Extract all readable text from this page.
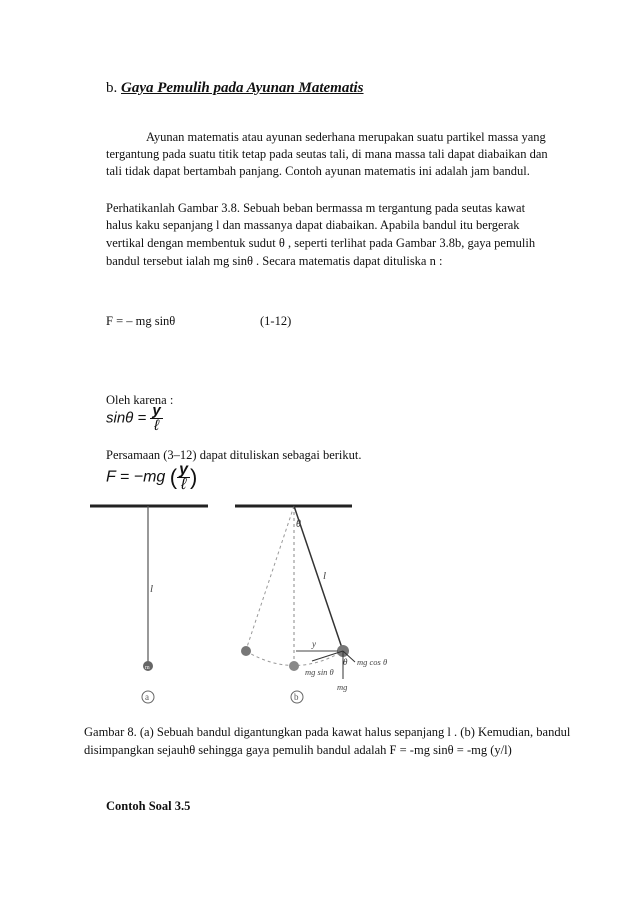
b. Gaya Pemulih pada Ayunan Matematis
Ayunan matematis atau ayunan sederhana merupakan suatu partikel massa yang
tergantung pada suatu titik tetap pada seutas tali, di mana massa tali dapat diabaikan dan
tali tidak dapat bertambah panjang. Contoh ayunan matematis ini adalah jam bandul.
Perhatikanlah Gambar 3.8. Sebuah beban bermassa m tergantung pada seutas kawat
halus kaku sepanjang l dan massanya dapat diabaikan. Apabila bandul itu bergerak
vertikal dengan membentuk sudut θ , seperti terlihat pada Gambar 3.8b, gaya pemulih
bandul tersebut ialah mg sinθ . Secara matematis dapat dituliska n :
F = – mg sinθ	(1-12)
Oleh karena :
$\sin\theta = \frac{y}{\text{ℓ}}$
Persamaan (3–12) dapat dituliskan sebagai berikut.
F = −mg ( $\frac{y}{\text{ℓ}}$ )
l
m
a
θ
l
y
θ mg cos θ
mg sin θ
mg
b
Gambar 8. (a) Sebuah bandul digantungkan pada kawat halus sepanjang l . (b) Kemudian, bandul
disimpangkan sejauhθ sehingga gaya pemulih bandul adalah F = -mg sinθ = -mg (y/l)
Contoh Soal 3.5
